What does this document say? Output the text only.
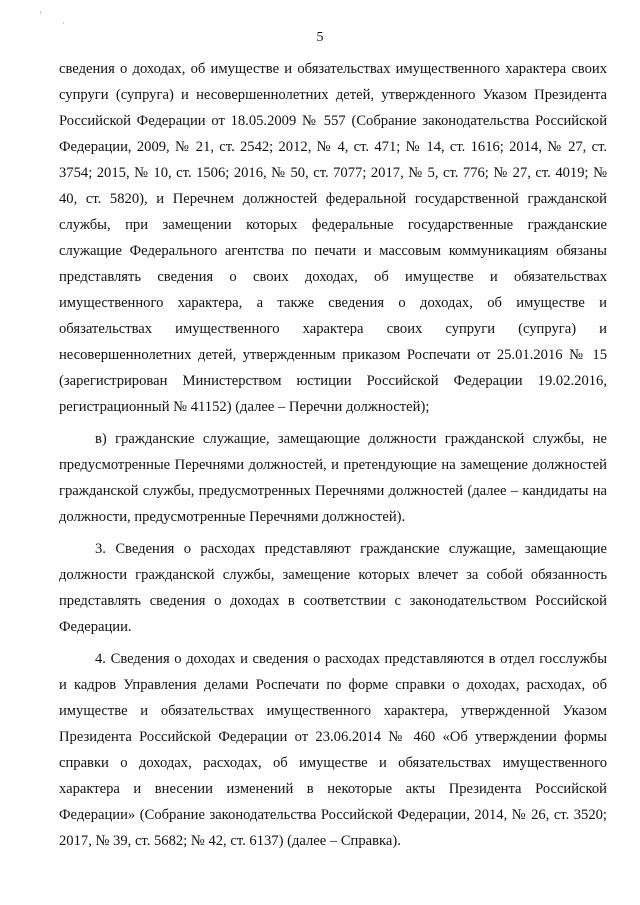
'
·
5

сведения о доходах, об имуществе и обязательствах имущественного характера своих супруги (супруга) и несовершеннолетних детей, утвержденного Указом Президента Российской Федерации от 18.05.2009 № 557 (Собрание законодательства Российской Федерации, 2009, № 21, ст. 2542; 2012, № 4, ст. 471; № 14, ст. 1616; 2014, № 27, ст. 3754; 2015, № 10, ст. 1506; 2016, № 50, ст. 7077; 2017, № 5, ст. 776; № 27, ст. 4019; № 40, ст. 5820), и Перечнем должностей федеральной государственной гражданской службы, при замещении которых федеральные государственные гражданские служащие Федерального агентства по печати и массовым коммуникациям обязаны представлять сведения о своих доходах, об имуществе и обязательствах имущественного характера, а также сведения о доходах, об имуществе и обязательствах имущественного характера своих супруги (супруга) и несовершеннолетних детей, утвержденным приказом Роспечати от 25.01.2016 № 15 (зарегистрирован Министерством юстиции Российской Федерации 19.02.2016, регистрационный № 41152) (далее – Перечни должностей);

в) гражданские служащие, замещающие должности гражданской службы, не предусмотренные Перечнями должностей, и претендующие на замещение должностей гражданской службы, предусмотренных Перечнями должностей (далее – кандидаты на должности, предусмотренные Перечнями должностей).

3. Сведения о расходах представляют гражданские служащие, замещающие должности гражданской службы, замещение которых влечет за собой обязанность представлять сведения о доходах в соответствии с законодательством Российской Федерации.

4. Сведения о доходах и сведения о расходах представляются в отдел госслужбы и кадров Управления делами Роспечати по форме справки о доходах, расходах, об имуществе и обязательствах имущественного характера, утвержденной Указом Президента Российской Федерации от 23.06.2014 № 460 «Об утверждении формы справки о доходах, расходах, об имуществе и обязательствах имущественного характера и внесении изменений в некоторые акты Президента Российской Федерации» (Собрание законодательства Российской Федерации, 2014, № 26, ст. 3520; 2017, № 39, ст. 5682; № 42, ст. 6137) (далее – Справка).
